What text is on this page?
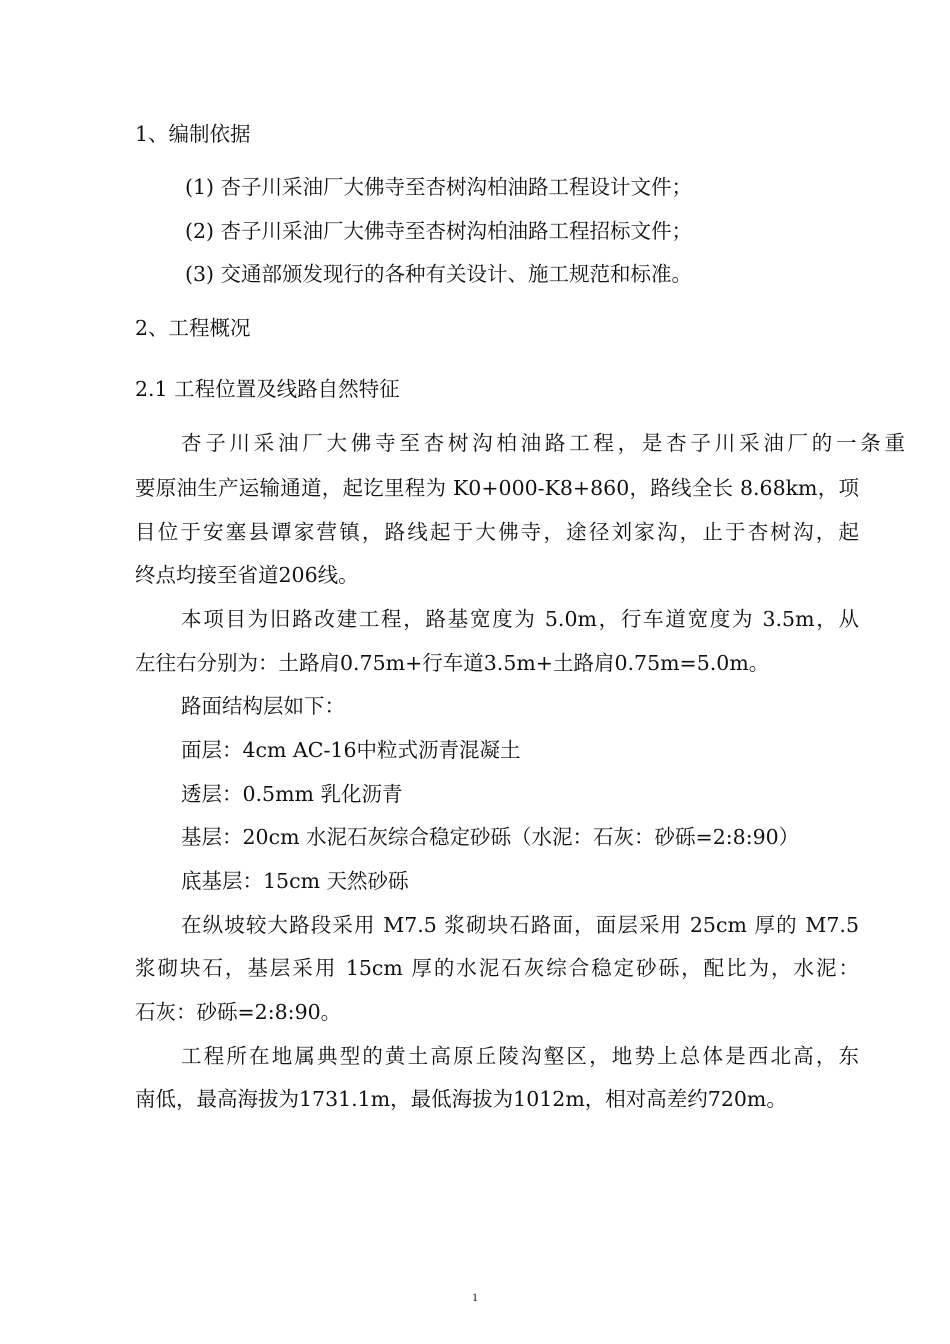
1、编制依据

(1) 杏子川采油厂大佛寺至杏树沟柏油路工程设计文件；

(2) 杏子川采油厂大佛寺至杏树沟柏油路工程招标文件；

(3) 交通部颁发现行的各种有关设计、施工规范和标准。

2、工程概况

2.1 工程位置及线路自然特征

杏子川采油厂大佛寺至杏树沟柏油路工程，是杏子川采油厂的一条重

要原油生产运输通道，起讫里程为 K0+000-K8+860，路线全长 8.68km，项

目位于安塞县谭家营镇，路线起于大佛寺，途径刘家沟，止于杏树沟，起

终点均接至省道206线。

本项目为旧路改建工程，路基宽度为 5.0m，行车道宽度为 3.5m，从

左往右分别为：土路肩0.75m+行车道3.5m+土路肩0.75m=5.0m。

路面结构层如下：

面层：4cm AC-16中粒式沥青混凝土

透层：0.5mm 乳化沥青

基层：20cm 水泥石灰综合稳定砂砾（水泥：石灰：砂砾=2:8:90）

底基层：15cm 天然砂砾

在纵坡较大路段采用 M7.5 浆砌块石路面，面层采用 25cm 厚的 M7.5

浆砌块石，基层采用 15cm 厚的水泥石灰综合稳定砂砾，配比为，水泥：

石灰：砂砾=2:8:90。

工程所在地属典型的黄土高原丘陵沟壑区，地势上总体是西北高，东

南低，最高海拔为1731.1m，最低海拔为1012m，相对高差约720m。

1
